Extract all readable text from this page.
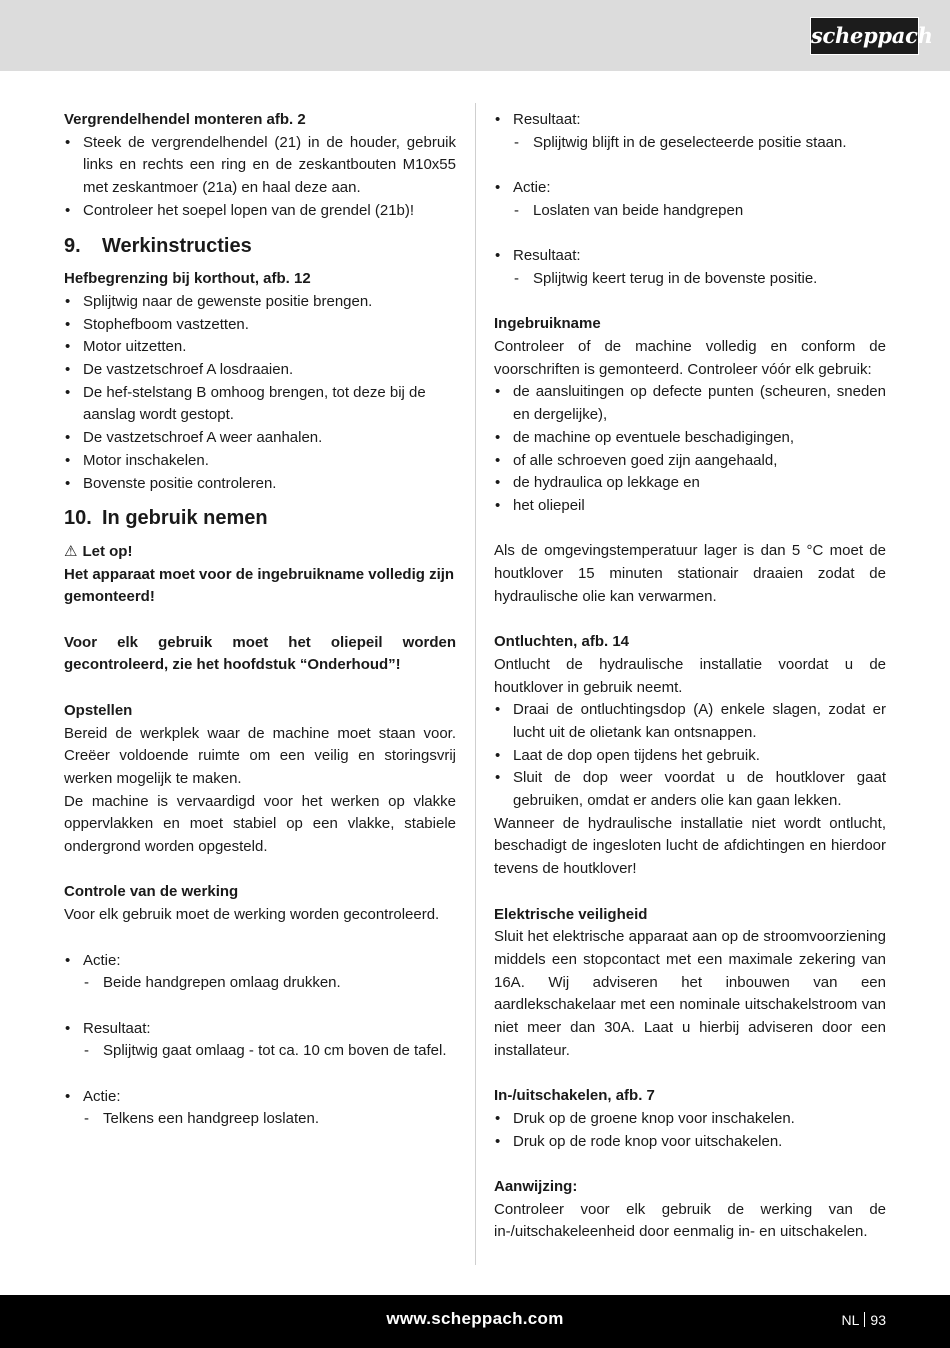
scheppach

Vergrendelhendel monteren afb. 2

• Steek de vergrendelhendel (21) in de houder, gebruik links en rechts een ring en de zeskantbouten M10x55 met zeskantmoer (21a) en haal deze aan.
• Controleer het soepel lopen van de grendel (21b)!
9. Werkinstructies

Hefbegrenzing bij korthout, afb. 12

• Splijtwig naar de gewenste positie brengen.
• Stophefboom vastzetten.
• Motor uitzetten.
• De vastzetschroef A losdraaien.
• De hef-stelstang B omhoog brengen, tot deze bij de aanslag wordt gestopt.
• De vastzetschroef A weer aanhalen.
• Motor inschakelen.
• Bovenste positie controleren.
10. In gebruik nemen

⚠ Let op!

Het apparaat moet voor de ingebruikname volledig zijn gemonteerd!

Voor elk gebruik moet het oliepeil worden gecontroleerd, zie het hoofdstuk “Onderhoud”!

Opstellen

Bereid de werkplek waar de machine moet staan voor. Creëer voldoende ruimte om een veilig en storingsvrij werken mogelijk te maken.

De machine is vervaardigd voor het werken op vlakke oppervlakken en moet stabiel op een vlakke, stabiele ondergrond worden opgesteld.

Controle van de werking

Voor elk gebruik moet de werking worden gecontroleerd.

• Actie:
- Beide handgrepen omlaag drukken.
• Resultaat:
- Splijtwig gaat omlaag - tot ca. 10 cm boven de tafel.
• Actie:
- Telkens een handgreep loslaten.
• Resultaat:
- Splijtwig blijft in de geselecteerde positie staan.
• Actie:
- Loslaten van beide handgrepen
• Resultaat:
- Splijtwig keert terug in de bovenste positie.

Ingebruikname

Controleer of de machine volledig en conform de voorschriften is gemonteerd. Controleer vóór elk gebruik:

• de aansluitingen op defecte punten (scheuren, sneden en dergelijke),
• de machine op eventuele beschadigingen,
• of alle schroeven goed zijn aangehaald,
• de hydraulica op lekkage en
• het oliepeil

Als de omgevingstemperatuur lager is dan 5 °C moet de houtklover 15 minuten stationair draaien zodat de hydraulische olie kan verwarmen.

Ontluchten, afb. 14

Ontlucht de hydraulische installatie voordat u de houtklover in gebruik neemt.

• Draai de ontluchtingsdop (A) enkele slagen, zodat er lucht uit de olietank kan ontsnappen.
• Laat de dop open tijdens het gebruik.
• Sluit de dop weer voordat u de houtklover gaat gebruiken, omdat er anders olie kan gaan lekken.

Wanneer de hydraulische installatie niet wordt ontlucht, beschadigt de ingesloten lucht de afdichtingen en hierdoor tevens de houtklover!

Elektrische veiligheid

Sluit het elektrische apparaat aan op de stroomvoorziening middels een stopcontact met een maximale zekering van 16A. Wij adviseren het inbouwen van een aardlekschakelaar met een nominale uitschakelstroom van niet meer dan 30A. Laat u hierbij adviseren door een installateur.

In-/uitschakelen, afb. 7

• Druk op de groene knop voor inschakelen.
• Druk op de rode knop voor uitschakelen.

Aanwijzing:

Controleer voor elk gebruik de werking van de in-/uitschakeleenheid door eenmalig in- en uitschakelen.

www.scheppach.com	NL 93
